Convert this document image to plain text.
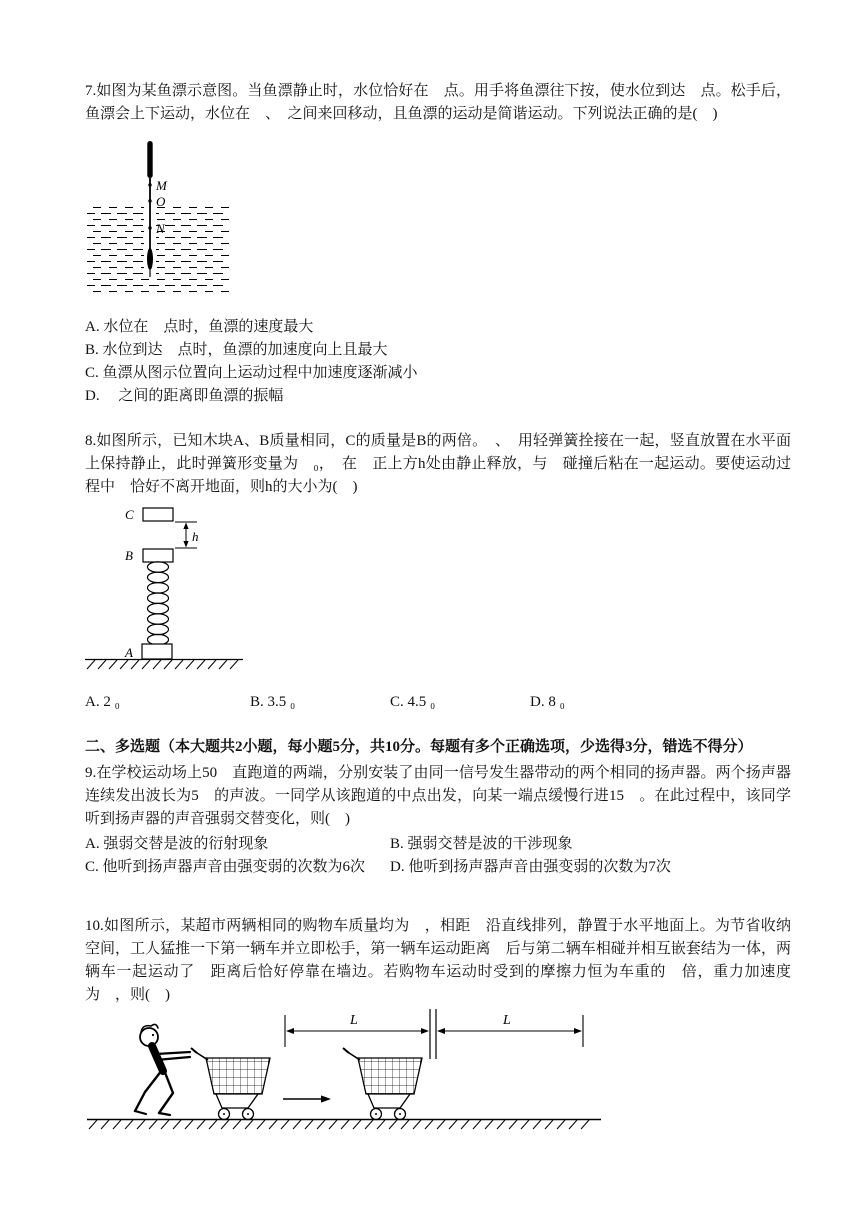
7.如图为某鱼漂示意图。当鱼漂静止时，水位恰好在　点。用手将鱼漂往下按，使水位到达　点。松手后，鱼漂会上下运动，水位在　、　之间来回移动，且鱼漂的运动是简谐运动。下列说法正确的是(　)

M
O
N
A. 水位在　点时，鱼漂的速度最大
B. 水位到达　点时，鱼漂的加速度向上且最大
C. 鱼漂从图示位置向上运动过程中加速度逐渐减小
D. 　之间的距离即鱼漂的振幅

8.如图所示，已知木块A、B质量相同，C的质量是B的两倍。　、　用轻弹簧拴接在一起，竖直放置在水平面上保持静止，此时弹簧形变量为　₀，　在　正上方h处由静止释放，与　碰撞后粘在一起运动。要使运动过程中　恰好不离开地面，则h的大小为(　)

C
h
B
A
A. 2 ₀	B. 3.5 ₀	C. 4.5 ₀	D. 8 ₀
二、多选题（本大题共2小题，每小题5分，共10分。每题有多个正确选项，少选得3分，错选不得分）

9.在学校运动场上50　直跑道的两端，分别安装了由同一信号发生器带动的两个相同的扬声器。两个扬声器连续发出波长为5　的声波。一同学从该跑道的中点出发，向某一端点缓慢行进15　。在此过程中，该同学听到扬声器的声音强弱交替变化，则(　)

A. 强弱交替是波的衍射现象	B. 强弱交替是波的干涉现象
C. 他听到扬声器声音由强变弱的次数为6次	D. 他听到扬声器声音由强变弱的次数为7次

10.如图所示，某超市两辆相同的购物车质量均为　，相距　沿直线排列，静置于水平地面上。为节省收纳空间，工人猛推一下第一辆车并立即松手，第一辆车运动距离　后与第二辆车相碰并相互嵌套结为一体，两辆车一起运动了　距离后恰好停靠在墙边。若购物车运动时受到的摩擦力恒为车重的　倍，重力加速度为　，则(　)

L	L
